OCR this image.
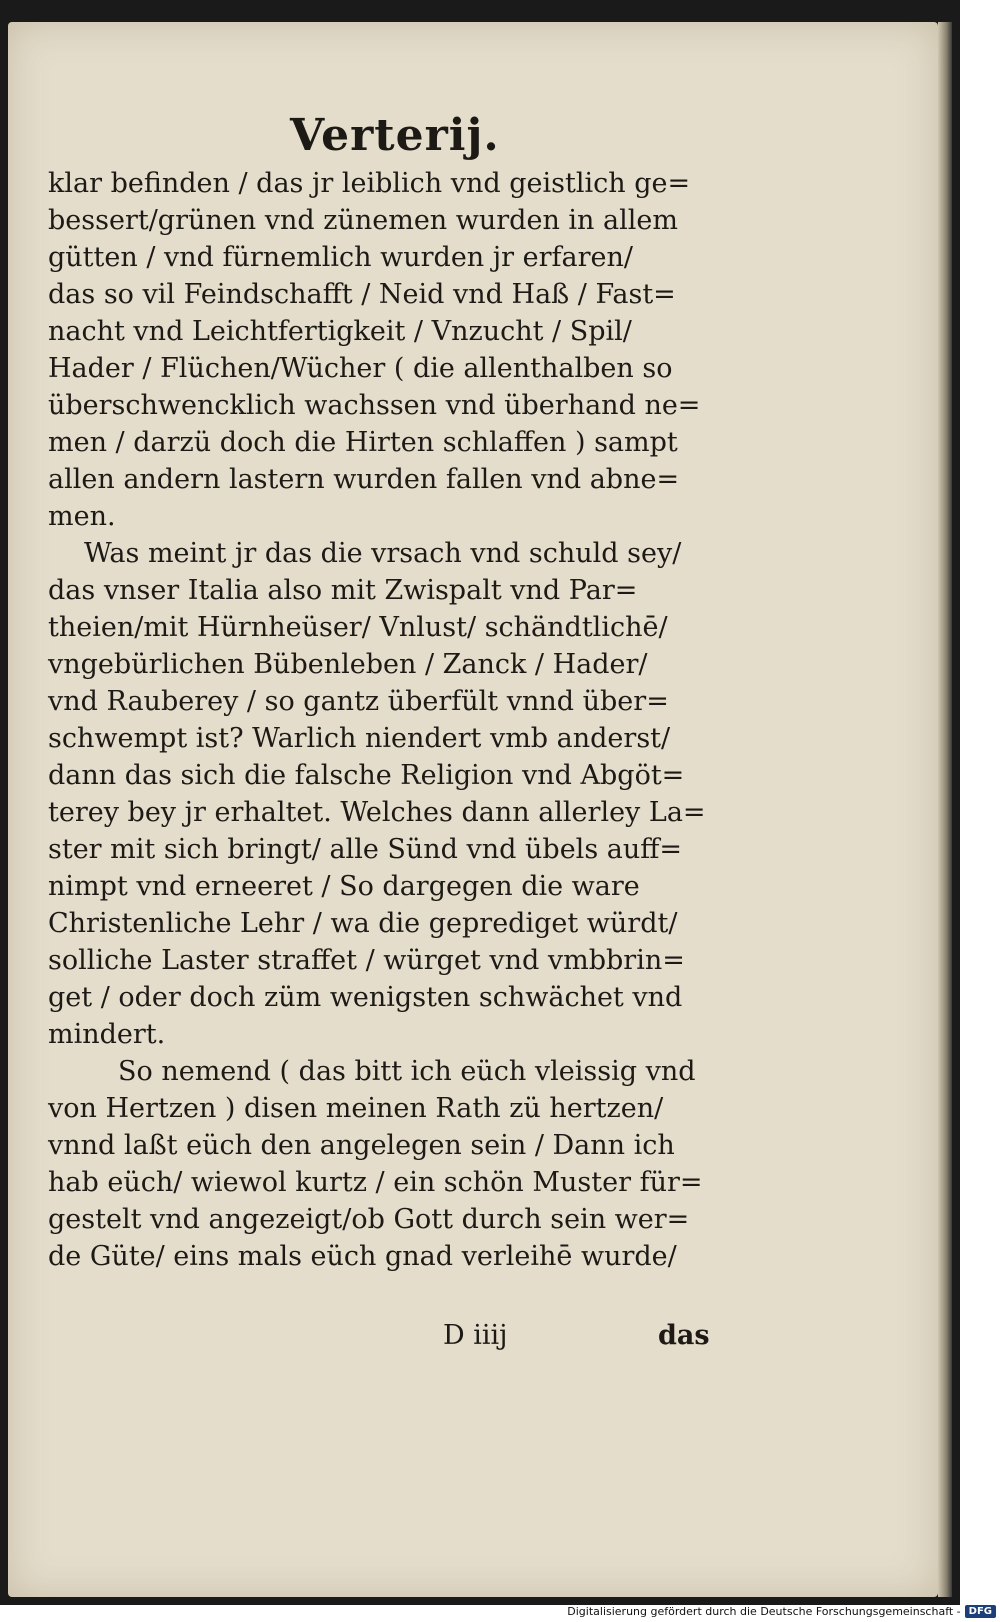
Verterij.
klar befinden / das jr leiblich vnd geistlich ge=
bessert/grünen vnd zünemen wurden in allem
gütten / vnd fürnemlich wurden jr erfaren/
das so vil Feindschafft / Neid vnd Haß / Fast=
nacht vnd Leichtfertigkeit / Vnzucht / Spil/
Hader / Flüchen/Wücher ( die allenthalben so
überschwencklich wachssen vnd überhand ne=
men / darzü doch die Hirten schlaffen ) sampt
allen andern lastern wurden fallen vnd abne=
men.
Was meint jr das die vrsach vnd schuld sey/
das vnser Italia also mit Zwispalt vnd Par=
theien/mit Hürnheüser/ Vnlust/ schändtlichē/
vngebürlichen Bübenleben / Zanck / Hader/
vnd Rauberey / so gantz überfült vnnd über=
schwempt ist? Warlich niendert vmb anderst/
dann das sich die falsche Religion vnd Abgöt=
terey bey jr erhaltet. Welches dann allerley La=
ster mit sich bringt/ alle Sünd vnd übels auff=
nimpt vnd erneeret / So dargegen die ware
Christenliche Lehr / wa die geprediget würdt/
solliche Laster straffet / würget vnd vmbbrin=
get / oder doch züm wenigsten schwächet vnd
mindert.
So nemend ( das bitt ich eüch vleissig vnd
von Hertzen ) disen meinen Rath zü hertzen/
vnnd laßt eüch den angelegen sein / Dann ich
hab eüch/ wiewol kurtz / ein schön Muster für=
gestelt vnd angezeigt/ob Gott durch sein wer=
de Güte/ eins mals eüch gnad verleihē wurde/
D iiij	das
Digitalisierung gefördert durch die Deutsche Forschungsgemeinschaft - DFG
